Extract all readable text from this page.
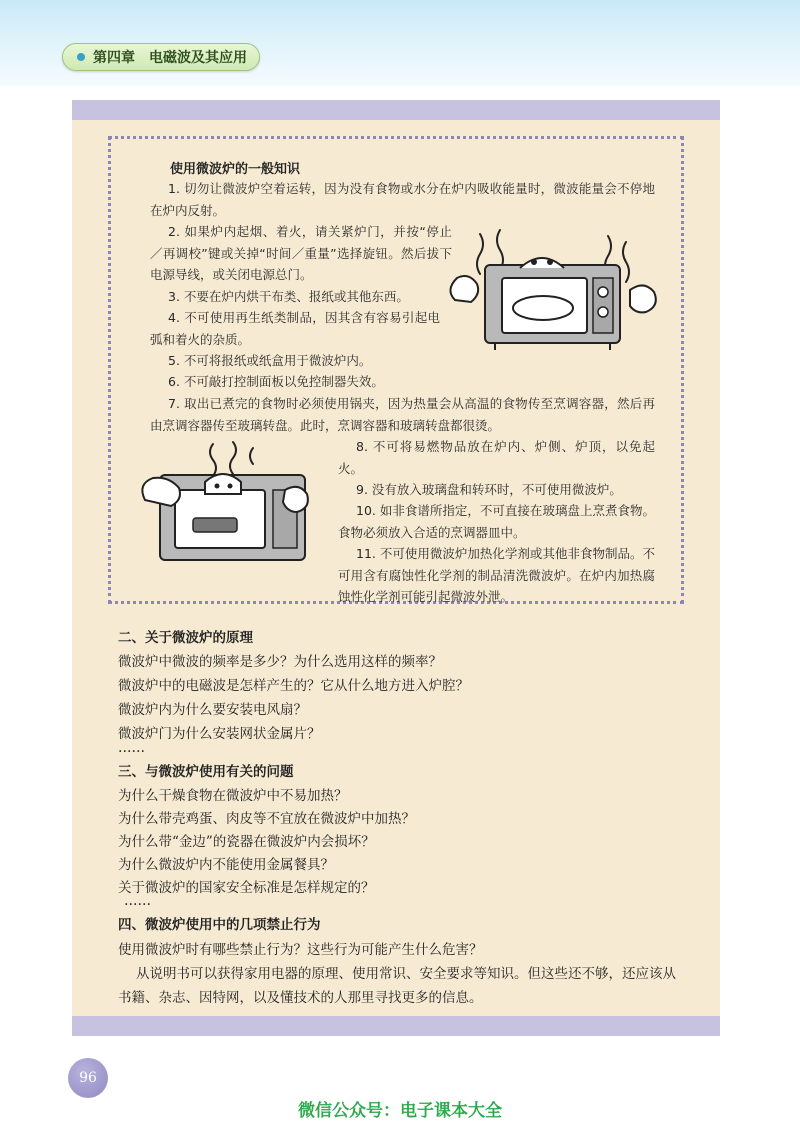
第四章 电磁波及其应用
使用微波炉的一般知识
1. 切勿让微波炉空着运转，因为没有食物或水分在炉内吸收能量时，微波能量会不停地在炉内反射。
2. 如果炉内起烟、着火，请关紧炉门，并按“停止／再调校”键或关掉“时间／重量”选择旋钮。然后拔下电源导线，或关闭电源总门。
3. 不要在炉内烘干布类、报纸或其他东西。
4. 不可使用再生纸类制品，因其含有容易引起电弧和着火的杂质。
5. 不可将报纸或纸盒用于微波炉内。
6. 不可敲打控制面板以免控制器失效。
7. 取出已煮完的食物时必须使用锅夹，因为热量会从高温的食物传至烹调容器，然后再由烹调容器传至玻璃转盘。此时，烹调容器和玻璃转盘都很烫。
8. 不可将易燃物品放在炉内、炉侧、炉顶，以免起火。
9. 没有放入玻璃盘和转环时，不可使用微波炉。
10. 如非食谱所指定，不可直接在玻璃盘上烹煮食物。食物必须放入合适的烹调器皿中。
11. 不可使用微波炉加热化学剂或其他非食物制品。不可用含有腐蚀性化学剂的制品清洗微波炉。在炉内加热腐蚀性化学剂可能引起微波外泄。
二、关于微波炉的原理
微波炉中微波的频率是多少？为什么选用这样的频率？
微波炉中的电磁波是怎样产生的？它从什么地方进入炉腔？
微波炉内为什么要安装电风扇？
微波炉门为什么安装网状金属片？
……
三、与微波炉使用有关的问题
为什么干燥食物在微波炉中不易加热？
为什么带壳鸡蛋、肉皮等不宜放在微波炉中加热？
为什么带“金边”的瓷器在微波炉内会损坏？
为什么微波炉内不能使用金属餐具？
关于微波炉的国家安全标准是怎样规定的？
……
四、微波炉使用中的几项禁止行为
使用微波炉时有哪些禁止行为？这些行为可能产生什么危害？
从说明书可以获得家用电器的原理、使用常识、安全要求等知识。但这些还不够，还应该从
书籍、杂志、因特网，以及懂技术的人那里寻找更多的信息。
96
微信公众号：电子课本大全
